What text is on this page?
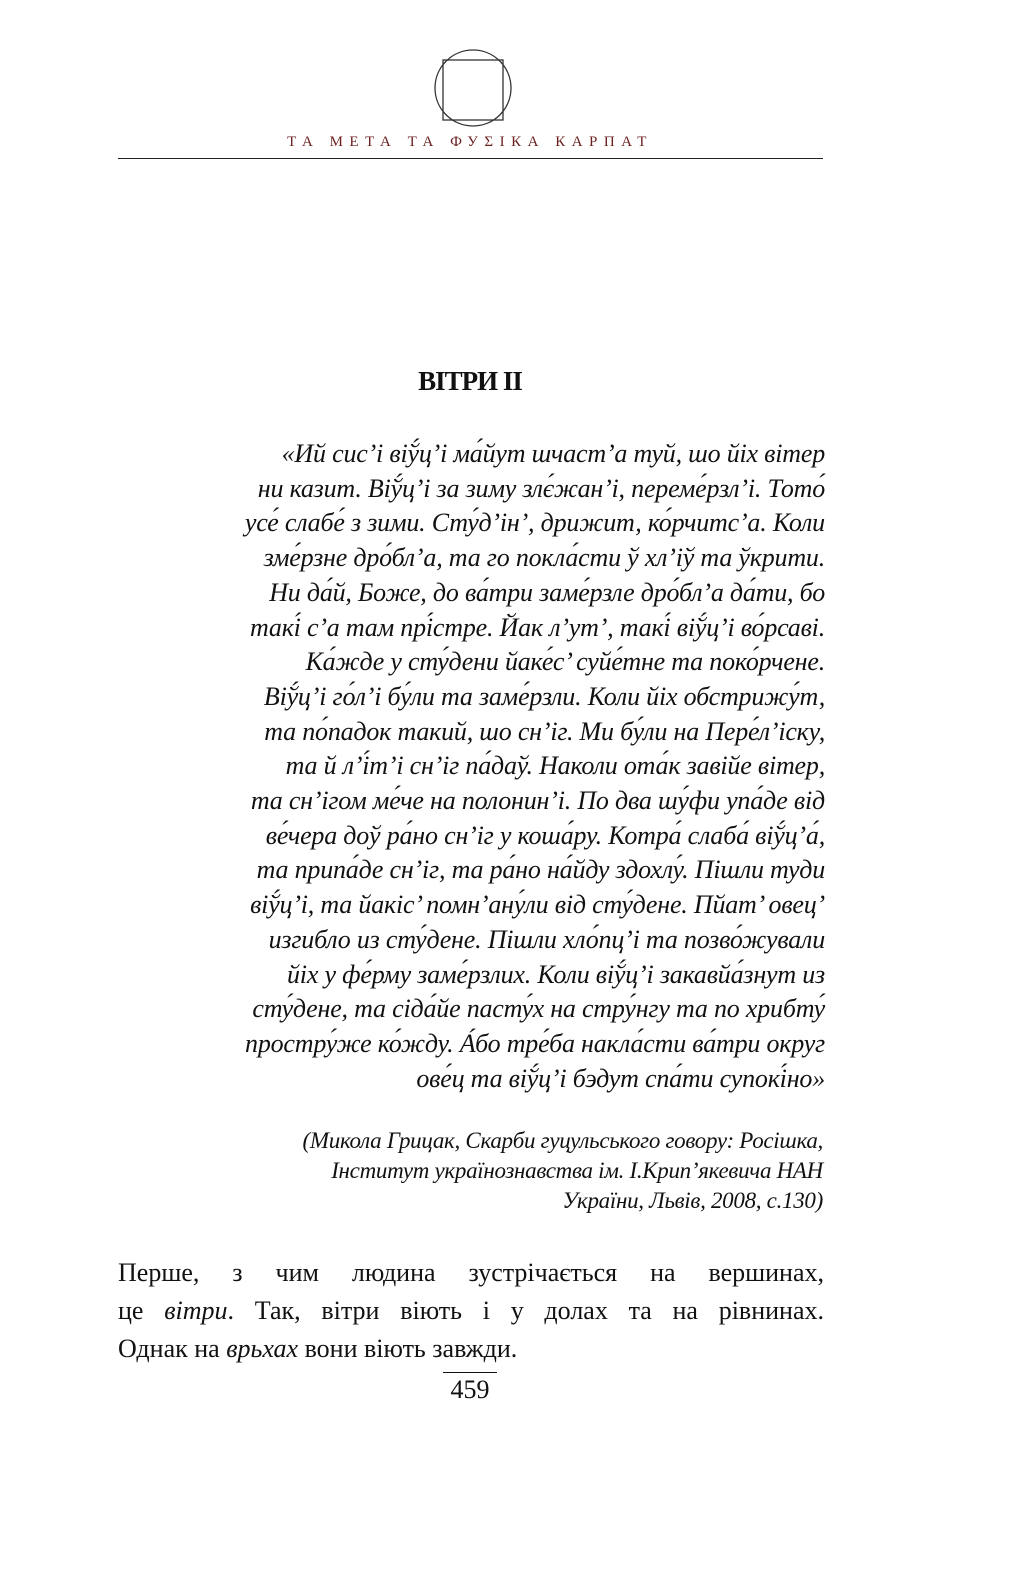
ТА МЕТА ТА ФУΣІКА КАРПАТ
ВІТРИ II
«Ий сис’і віў́ц’і ма́йут шчаст’а туй, шо йіх вітер
ни казит. Віў́ц’і за зиму злє́жан’і, переме́рзл’і. Тото́
усе́ слабе́ з зими. Сту́д’ін’, дрижит, ко́рчитс’а. Коли
зме́рзне дро́бл’а, та го покла́сти ў хл’іў та ўкрити.
Ни да́й, Боже, до ва́три заме́рзле дро́бл’а да́ти, бо
такі́ с’а там прі́стре. Йак л’ут’, такі́ віў́ц’і во́рсаві.
Ка́жде у сту́дени йаке́с’ суйе́тне та поко́рчене.
Віў́ц’і го́л’і бу́ли та заме́рзли. Коли йіх обстрижу́т,
та по́падок такий, шо сн’іг. Ми бу́ли на Пере́л’іску,
та й л’і́т’і сн’іг па́даў. Наколи ота́к завійе вітер,
та сн’ігом ме́че на полонин’і. По два шу́фи упа́де від
ве́чера доў ра́но сн’іг у коша́ру. Котра́ слаба́ віў́ц’а́,
та припа́де сн’іг, та ра́но на́йду здохлу́. Пішли туди
віў́ц’і, та йакіс’ помн’ану́ли від сту́дене. Пйат’ овец’
изгибло из сту́дене. Пішли хло́пц’і та позво́жували
йіх у фе́рму заме́рзлих. Коли віў́ц’і закавйа́знут из
сту́дене, та сіда́йе пасту́х на стру́нгу та по хрибту́
простру́же ко́жду. А́бо тре́ба накла́сти ва́три округ
ове́ц та віў́ц’і бэдут спа́ти супокі́но»
(Микола Грицак, Скарби гуцульського говору: Росішка,
Інститут українознавства ім. І.Крип’якевича НАН
України, Львів, 2008, с.130)
Перше, з чим людина зустрічається на вершинах,
це вітри. Так, вітри віють і у долах та на рівнинах.
Однак на врьхах вони віють завжди.
459
